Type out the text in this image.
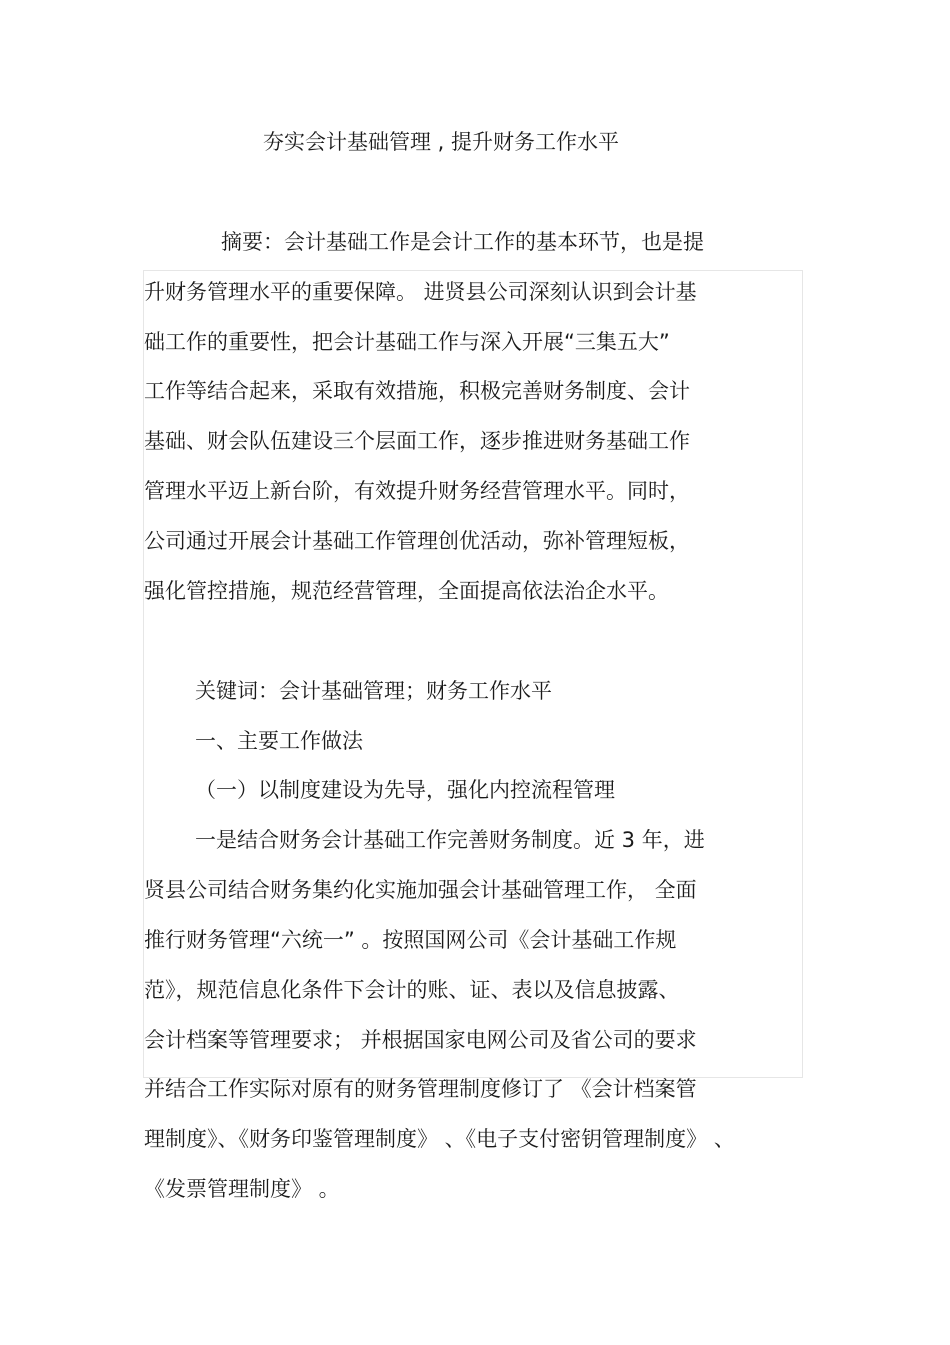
夯实会计基础管理 , 提升财务工作水平
摘要：会计基础工作是会计工作的基本环节，也是提
升财务管理水平的重要保障。 进贤县公司深刻认识到会计基
础工作的重要性，把会计基础工作与深入开展“三集五大”
工作等结合起来，采取有效措施，积极完善财务制度、会计
基础、财会队伍建设三个层面工作，逐步推进财务基础工作
管理水平迈上新台阶，有效提升财务经营管理水平。同时，
公司通过开展会计基础工作管理创优活动，弥补管理短板，
强化管控措施，规范经营管理，全面提高依法治企水平。
关键词：会计基础管理；财务工作水平
一、主要工作做法
（一）以制度建设为先导，强化内控流程管理
一是结合财务会计基础工作完善财务制度。近 3 年，进
贤县公司结合财务集约化实施加强会计基础管理工作， 全面
推行财务管理“六统一” 。按照国网公司《会计基础工作规
范》，规范信息化条件下会计的账、证、表以及信息披露、
会计档案等管理要求； 并根据国家电网公司及省公司的要求
并结合工作实际对原有的财务管理制度修订了 《会计档案管
理制度》、《财务印鉴管理制度》 、《电子支付密钥管理制度》 、
《发票管理制度》 。
